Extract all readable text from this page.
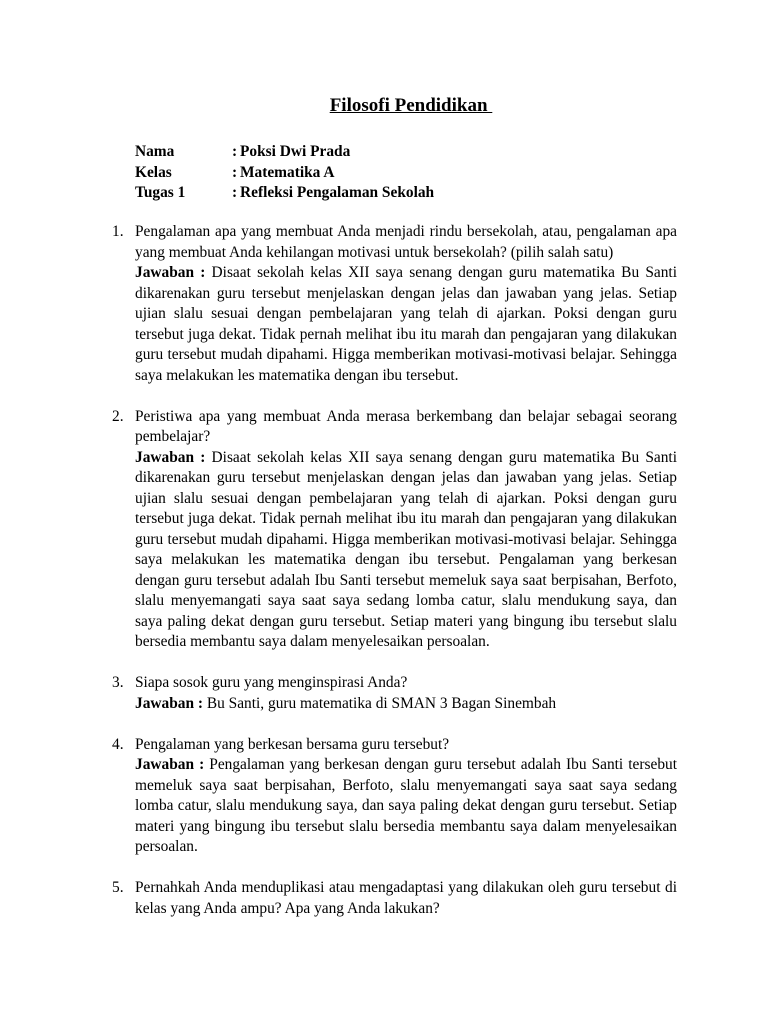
Filosofi Pendidikan
Nama	: Poksi Dwi Prada
Kelas	: Matematika A
Tugas 1	: Refleksi Pengalaman Sekolah
1. Pengalaman apa yang membuat Anda menjadi rindu bersekolah, atau, pengalaman apa yang membuat Anda kehilangan motivasi untuk bersekolah? (pilih salah satu)
Jawaban : Disaat sekolah kelas XII saya senang dengan guru matematika Bu Santi dikarenakan guru tersebut menjelaskan dengan jelas dan jawaban yang jelas. Setiap ujian slalu sesuai dengan pembelajaran yang telah di ajarkan. Poksi dengan guru tersebut juga dekat. Tidak pernah melihat ibu itu marah dan pengajaran yang dilakukan guru tersebut mudah dipahami. Higga memberikan motivasi-motivasi belajar. Sehingga saya melakukan les matematika dengan ibu tersebut.
2. Peristiwa apa yang membuat Anda merasa berkembang dan belajar sebagai seorang pembelajar?
Jawaban : Disaat sekolah kelas XII saya senang dengan guru matematika Bu Santi dikarenakan guru tersebut menjelaskan dengan jelas dan jawaban yang jelas. Setiap ujian slalu sesuai dengan pembelajaran yang telah di ajarkan. Poksi dengan guru tersebut juga dekat. Tidak pernah melihat ibu itu marah dan pengajaran yang dilakukan guru tersebut mudah dipahami. Higga memberikan motivasi-motivasi belajar. Sehingga saya melakukan les matematika dengan ibu tersebut. Pengalaman yang berkesan dengan guru tersebut adalah Ibu Santi tersebut memeluk saya saat berpisahan, Berfoto, slalu menyemangati saya saat saya sedang lomba catur, slalu mendukung saya, dan saya paling dekat dengan guru tersebut. Setiap materi yang bingung ibu tersebut slalu bersedia membantu saya dalam menyelesaikan persoalan.
3. Siapa sosok guru yang menginspirasi Anda?
Jawaban : Bu Santi, guru matematika di SMAN 3 Bagan Sinembah
4. Pengalaman yang berkesan bersama guru tersebut?
Jawaban : Pengalaman yang berkesan dengan guru tersebut adalah Ibu Santi tersebut memeluk saya saat berpisahan, Berfoto, slalu menyemangati saya saat saya sedang lomba catur, slalu mendukung saya, dan saya paling dekat dengan guru tersebut. Setiap materi yang bingung ibu tersebut slalu bersedia membantu saya dalam menyelesaikan persoalan.
5. Pernahkah Anda menduplikasi atau mengadaptasi yang dilakukan oleh guru tersebut di kelas yang Anda ampu? Apa yang Anda lakukan?
